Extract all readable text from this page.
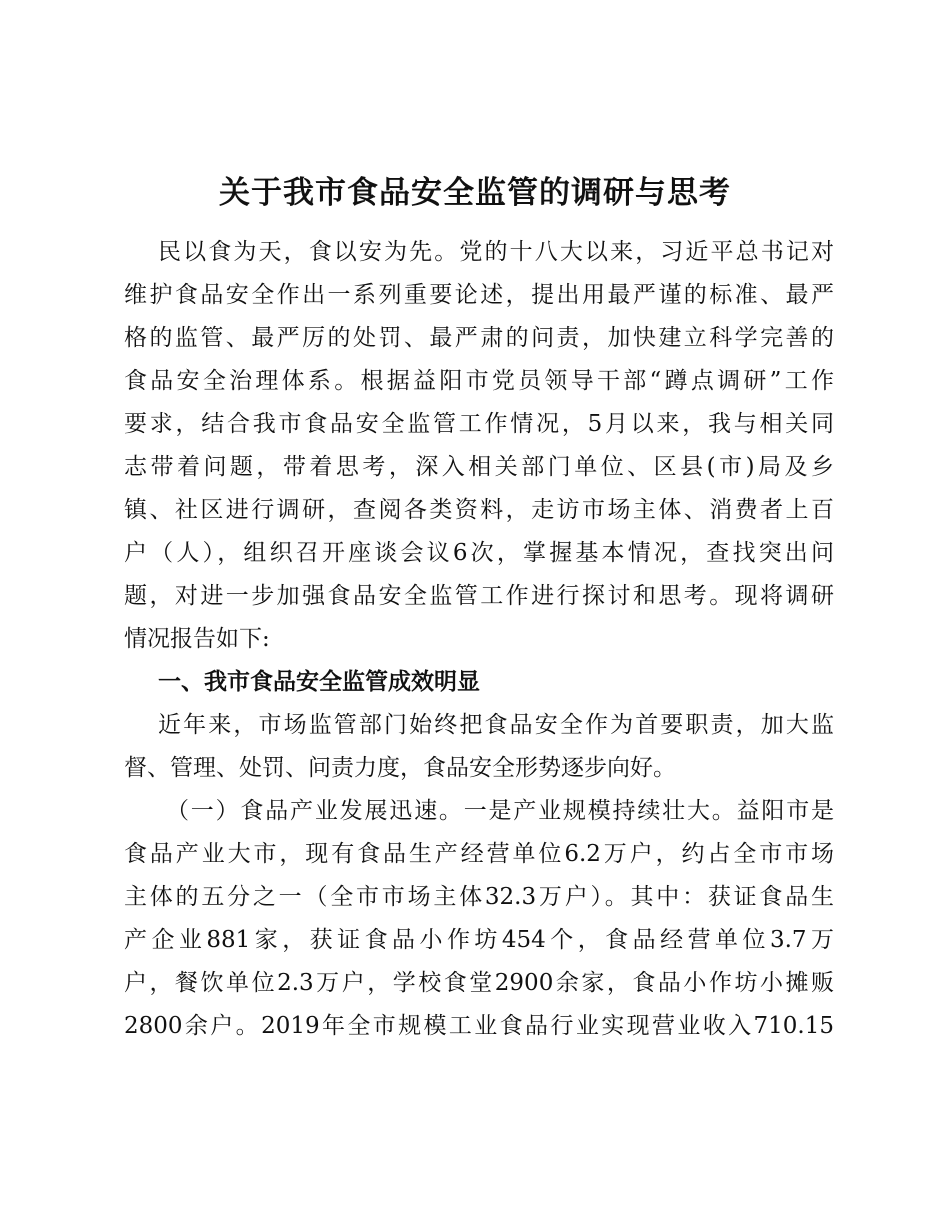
关于我市食品安全监管的调研与思考
民以食为天，食以安为先。党的十八大以来，习近平总书记对
维护食品安全作出一系列重要论述，提出用最严谨的标准、最严
格的监管、最严厉的处罚、最严肃的问责，加快建立科学完善的
食品安全治理体系。根据益阳市党员领导干部“蹲点调研”工作
要求，结合我市食品安全监管工作情况，5月以来，我与相关同
志带着问题，带着思考，深入相关部门单位、区县(市)局及乡
镇、社区进行调研，查阅各类资料，走访市场主体、消费者上百
户（人），组织召开座谈会议6次，掌握基本情况，查找突出问
题，对进一步加强食品安全监管工作进行探讨和思考。现将调研
情况报告如下:
一、我市食品安全监管成效明显
近年来，市场监管部门始终把食品安全作为首要职责，加大监
督、管理、处罚、问责力度，食品安全形势逐步向好。
（一）食品产业发展迅速。一是产业规模持续壮大。益阳市是
食品产业大市，现有食品生产经营单位6.2万户，约占全市市场
主体的五分之一（全市市场主体32.3万户）。其中：获证食品生
产企业881家，获证食品小作坊454个，食品经营单位3.7万
户，餐饮单位2.3万户，学校食堂2900余家，食品小作坊小摊贩
2800余户。2019年全市规模工业食品行业实现营业收入710.15
